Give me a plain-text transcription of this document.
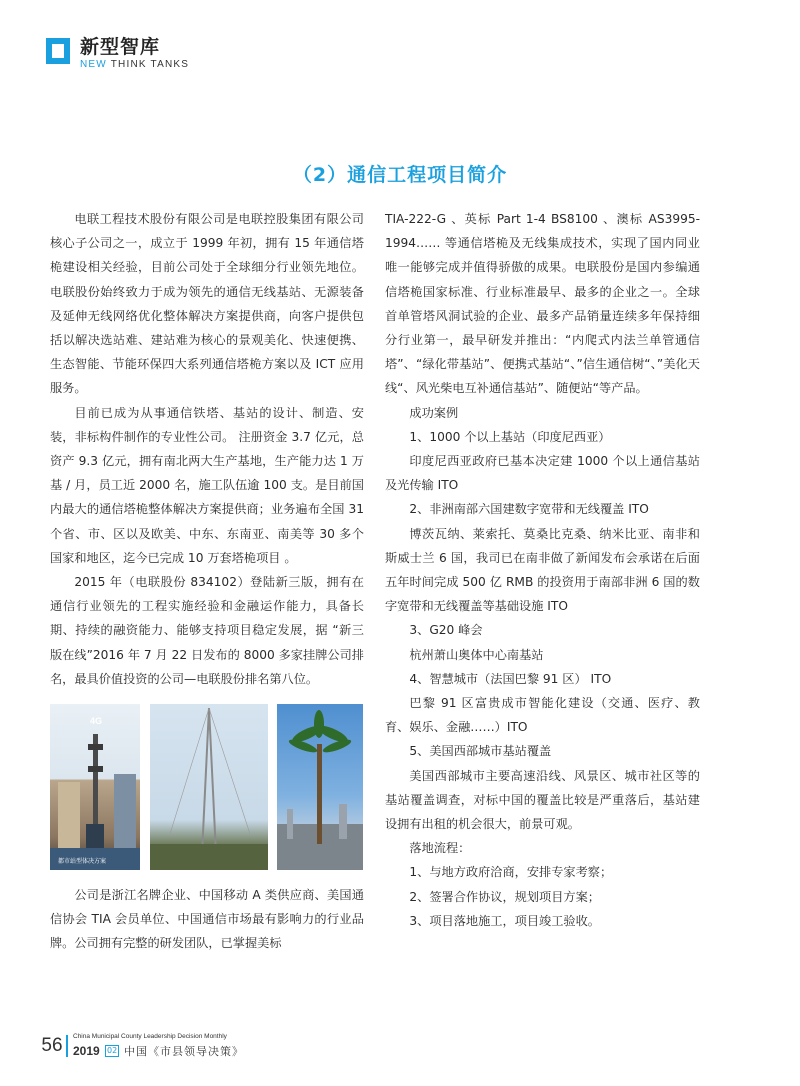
新型智库
NEW THINK TANKS
（2）通信工程项目简介

电联工程技术股份有限公司是电联控股集团有限公司核心子公司之一，成立于 1999 年初，拥有 15 年通信塔桅建设相关经验，目前公司处于全球细分行业领先地位。电联股份始终致力于成为领先的通信无线基站、无源装备及延伸无线网络优化整体解决方案提供商，向客户提供包括以解决选站难、建站难为核心的景观美化、快速便携、生态智能、节能环保四大系列通信塔桅方案以及 ICT 应用服务。

目前已成为从事通信铁塔、基站的设计、制造、安装，非标构件制作的专业性公司。 注册资金 3.7 亿元，总资产 9.3 亿元，拥有南北两大生产基地，生产能力达 1 万基 / 月，员工近 2000 名，施工队伍逾 100 支。是目前国内最大的通信塔桅整体解决方案提供商；业务遍布全国 31 个省、市、区以及欧美、中东、东南亚、南美等 30 多个国家和地区，迄今已完成 10 万套塔桅项目 。

2015 年（电联股份 834102）登陆新三版，拥有在通信行业领先的工程实施经验和金融运作能力，具备长期、持续的融资能力、能够支持项目稳定发展，据 “新三版在线”2016 年 7 月 22 日发布的 8000 多家挂牌公司排名，最具价值投资的公司—电联股份排名第八位。

4G
都市站型体决方案

公司是浙江名牌企业、中国移动 A 类供应商、美国通信协会 TIA 会员单位、中国通信市场最有影响力的行业品牌。公司拥有完整的研发团队，已掌握美标

TIA-222-G 、英标 Part 1-4 BS8100 、澳标 AS3995-1994…… 等通信塔桅及无线集成技术，实现了国内同业唯一能够完成并值得骄傲的成果。电联股份是国内参编通信塔桅国家标准、行业标准最早、最多的企业之一。全球首单管塔风洞试验的企业、最多产品销量连续多年保持细分行业第一，最早研发并推出：“内爬式内法兰单管通信塔”、“绿化带基站”、便携式基站“、”信生通信树“、”美化天线“、风光柴电互补通信基站”、随便站“等产品。

成功案例

1、1000 个以上基站（印度尼西亚）

印度尼西亚政府已基本决定建 1000 个以上通信基站及光传输 ITO

2、非洲南部六国建数字宽带和无线覆盖 ITO

博茨瓦纳、莱索托、莫桑比克桑、纳米比亚、南非和斯威士兰 6 国，我司已在南非做了新闻发布会承诺在后面五年时间完成 500 亿 RMB 的投资用于南部非洲 6 国的数字宽带和无线覆盖等基础设施 ITO

3、G20 峰会

杭州萧山奥体中心南基站

4、智慧城市（法国巴黎 91 区） ITO

巴黎 91 区富贵成市智能化建设（交通、医疗、教育、娱乐、金融……）ITO

5、美国西部城市基站覆盖

美国西部城市主要高速沿线、风景区、城市社区等的基站覆盖调查，对标中国的覆盖比较是严重落后，基站建设拥有出租的机会很大，前景可观。

落地流程：

1、与地方政府洽商，安排专家考察；

2、签署合作协议，规划项目方案；

3、项目落地施工，项目竣工验收。

56	China Municipal County Leadership Decision Monthly
2019 02 中国《市县领导决策》
